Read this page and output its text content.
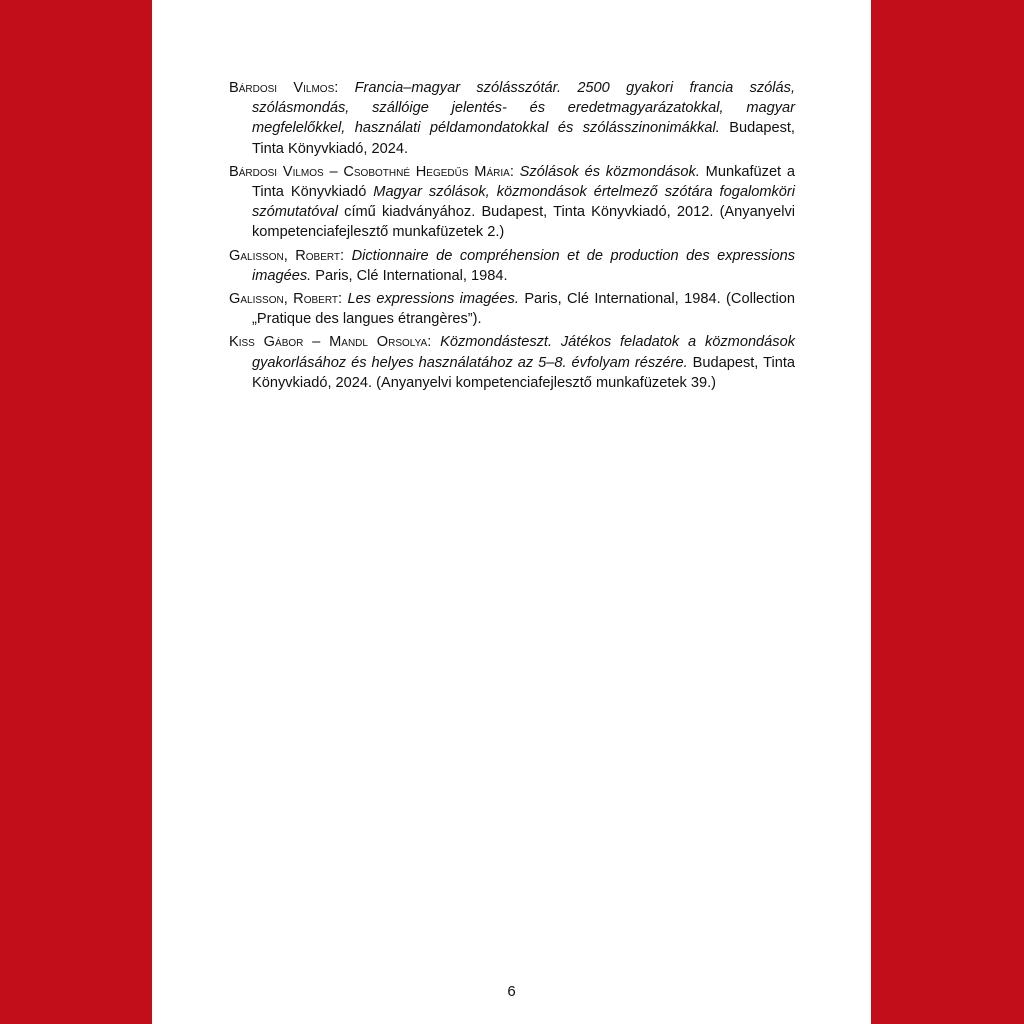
Bárdosi Vilmos: Francia–magyar szólásszótár. 2500 gyakori francia szólás, szólásmondás, szállóige jelentés- és eredetmagyarázatokkal, magyar megfelelőkkel, használati példamondatokkal és szólásszinonimákkal. Budapest, Tinta Könyvkiadó, 2024.

Bárdosi Vilmos – Csobothné Hegedűs Mária: Szólások és közmondások. Munkafüzet a Tinta Könyvkiadó Magyar szólások, közmondások értelmező szótára fogalomköri szómutatóval című kiadványához. Budapest, Tinta Könyvkiadó, 2012. (Anyanyelvi kompetenciafejlesztő munkafüzetek 2.)

Galisson, Robert: Dictionnaire de compréhension et de production des expressions imagées. Paris, Clé International, 1984.

Galisson, Robert: Les expressions imagées. Paris, Clé International, 1984. (Collection „Pratique des langues étrangères”).

Kiss Gábor – Mandl Orsolya: Közmondásteszt. Játékos feladatok a közmondások gyakorlásához és helyes használatához az 5–8. évfolyam részére. Budapest, Tinta Könyvkiadó, 2024. (Anyanyelvi kompetenciafejlesztő munkafüzetek 39.)

6
